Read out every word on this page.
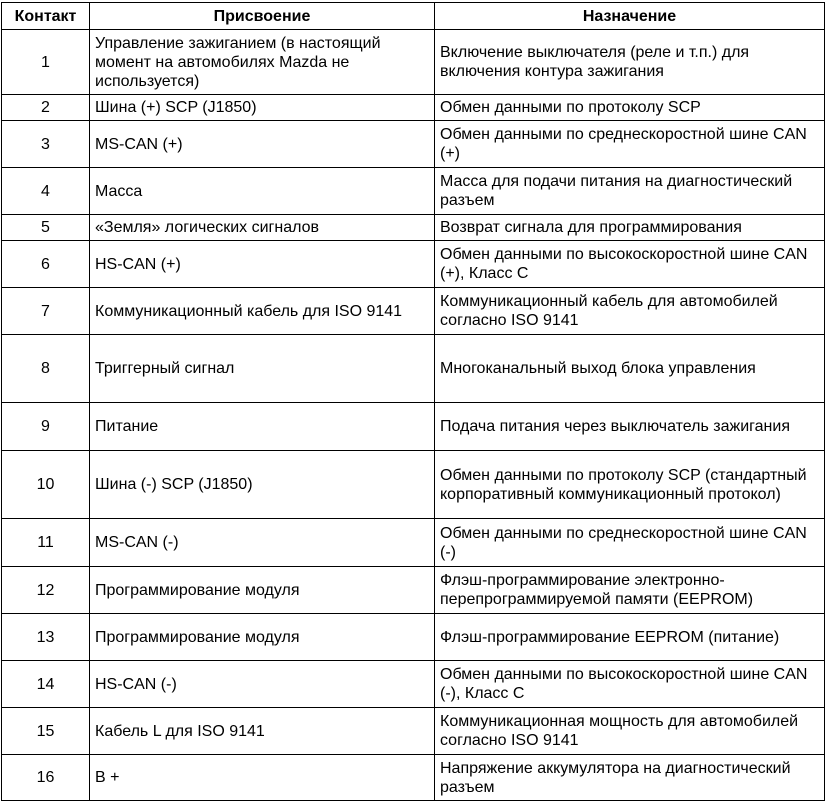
Контакт	Присвоение	Назначение
1	Управление зажиганием (в настоящий момент на автомобилях Mazda не используется)	Включение выключателя (реле и т.п.) для включения контура зажигания
2	Шина (+) SCP (J1850)	Обмен данными по протоколу SCP
3	MS-CAN (+)	Обмен данными по среднескоростной шине CAN (+)
4	Масса	Масса для подачи питания на диагностический разъем
5	«Земля» логических сигналов	Возврат сигнала для программирования
6	HS-CAN (+)	Обмен данными по высокоскоростной шине CAN (+), Класс C
7	Коммуникационный кабель для ISO 9141	Коммуникационный кабель для автомобилей согласно ISO 9141
8	Триггерный сигнал	Многоканальный выход блока управления
9	Питание	Подача питания через выключатель зажигания
10	Шина (-) SCP (J1850)	Обмен данными по протоколу SCP (стандартный корпоративный коммуникационный протокол)
11	MS-CAN (-)	Обмен данными по среднескоростной шине CAN (-)
12	Программирование модуля	Флэш-программирование электронно-перепрограммируемой памяти (EEPROM)
13	Программирование модуля	Флэш-программирование EEPROM (питание)
14	HS-CAN (-)	Обмен данными по высокоскоростной шине CAN (-), Класс C
15	Кабель L для ISO 9141	Коммуникационная мощность для автомобилей согласно ISO 9141
16	B +	Напряжение аккумулятора на диагностический разъем
